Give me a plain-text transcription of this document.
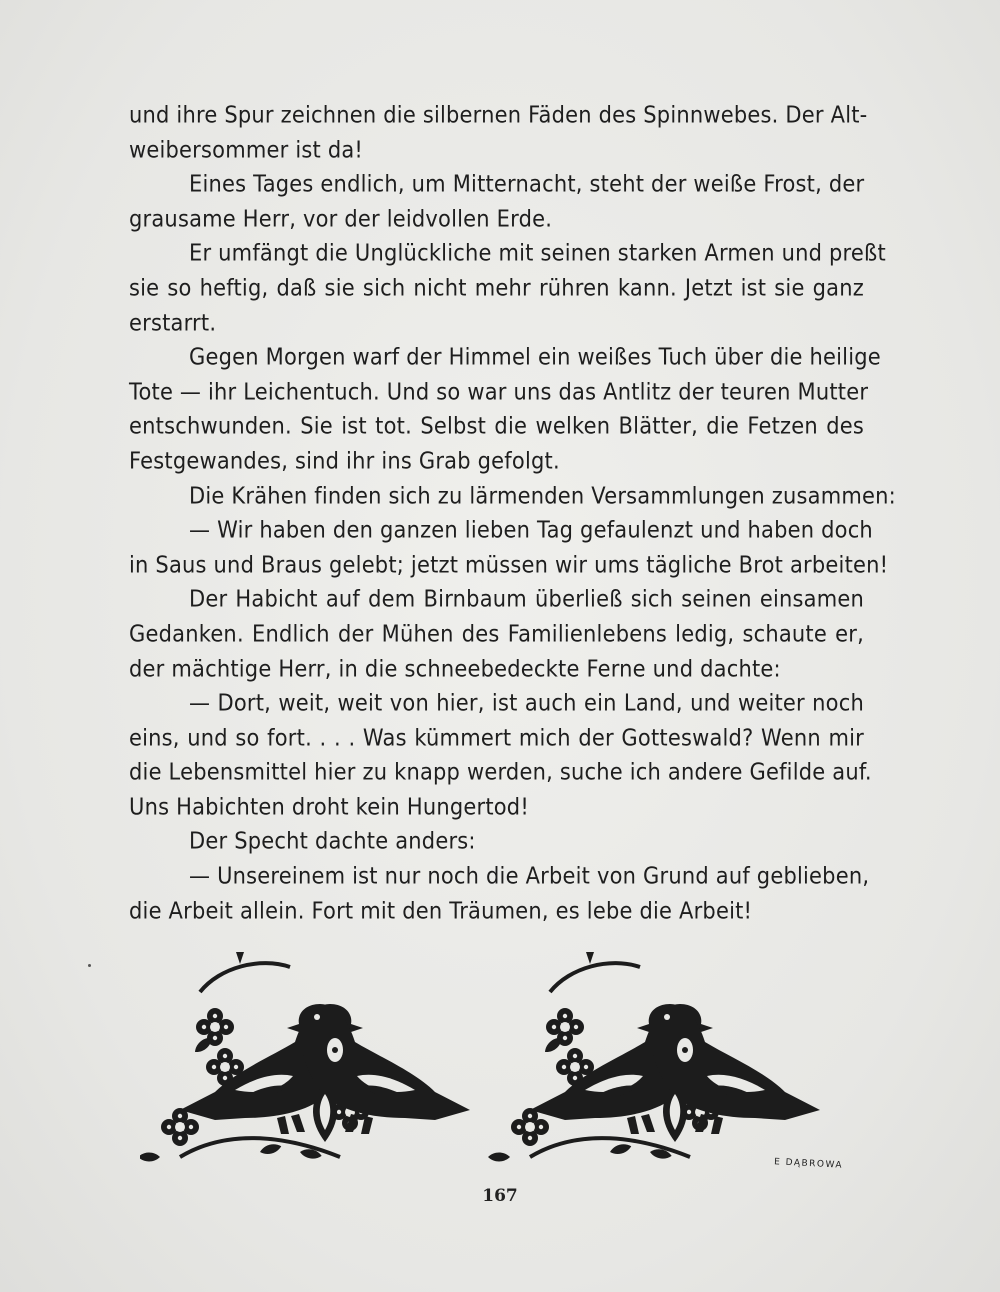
und ihre Spur zeichnen die silbernen Fäden des Spinnwebes. Der Alt-
weibersommer ist da!
Eines Tages endlich, um Mitternacht, steht der weiße Frost, der
grausame Herr, vor der leidvollen Erde.
Er umfängt die Unglückliche mit seinen starken Armen und preßt
sie so heftig, daß sie sich nicht mehr rühren kann. Jetzt ist sie ganz
erstarrt.
Gegen Morgen warf der Himmel ein weißes Tuch über die heilige
Tote — ihr Leichentuch. Und so war uns das Antlitz der teuren Mutter
entschwunden. Sie ist tot. Selbst die welken Blätter, die Fetzen des
Festgewandes, sind ihr ins Grab gefolgt.
Die Krähen finden sich zu lärmenden Versammlungen zusammen:
— Wir haben den ganzen lieben Tag gefaulenzt und haben doch
in Saus und Braus gelebt; jetzt müssen wir ums tägliche Brot arbeiten!
Der Habicht auf dem Birnbaum überließ sich seinen einsamen
Gedanken. Endlich der Mühen des Familienlebens ledig, schaute er,
der mächtige Herr, in die schneebedeckte Ferne und dachte:
— Dort, weit, weit von hier, ist auch ein Land, und weiter noch
eins, und so fort. . . . Was kümmert mich der Gotteswald? Wenn mir
die Lebensmittel hier zu knapp werden, suche ich andere Gefilde auf.
Uns Habichten droht kein Hungertod!
Der Specht dachte anders:
— Unsereinem ist nur noch die Arbeit von Grund auf geblieben,
die Arbeit allein. Fort mit den Träumen, es lebe die Arbeit!
E DĄBROWA
167
